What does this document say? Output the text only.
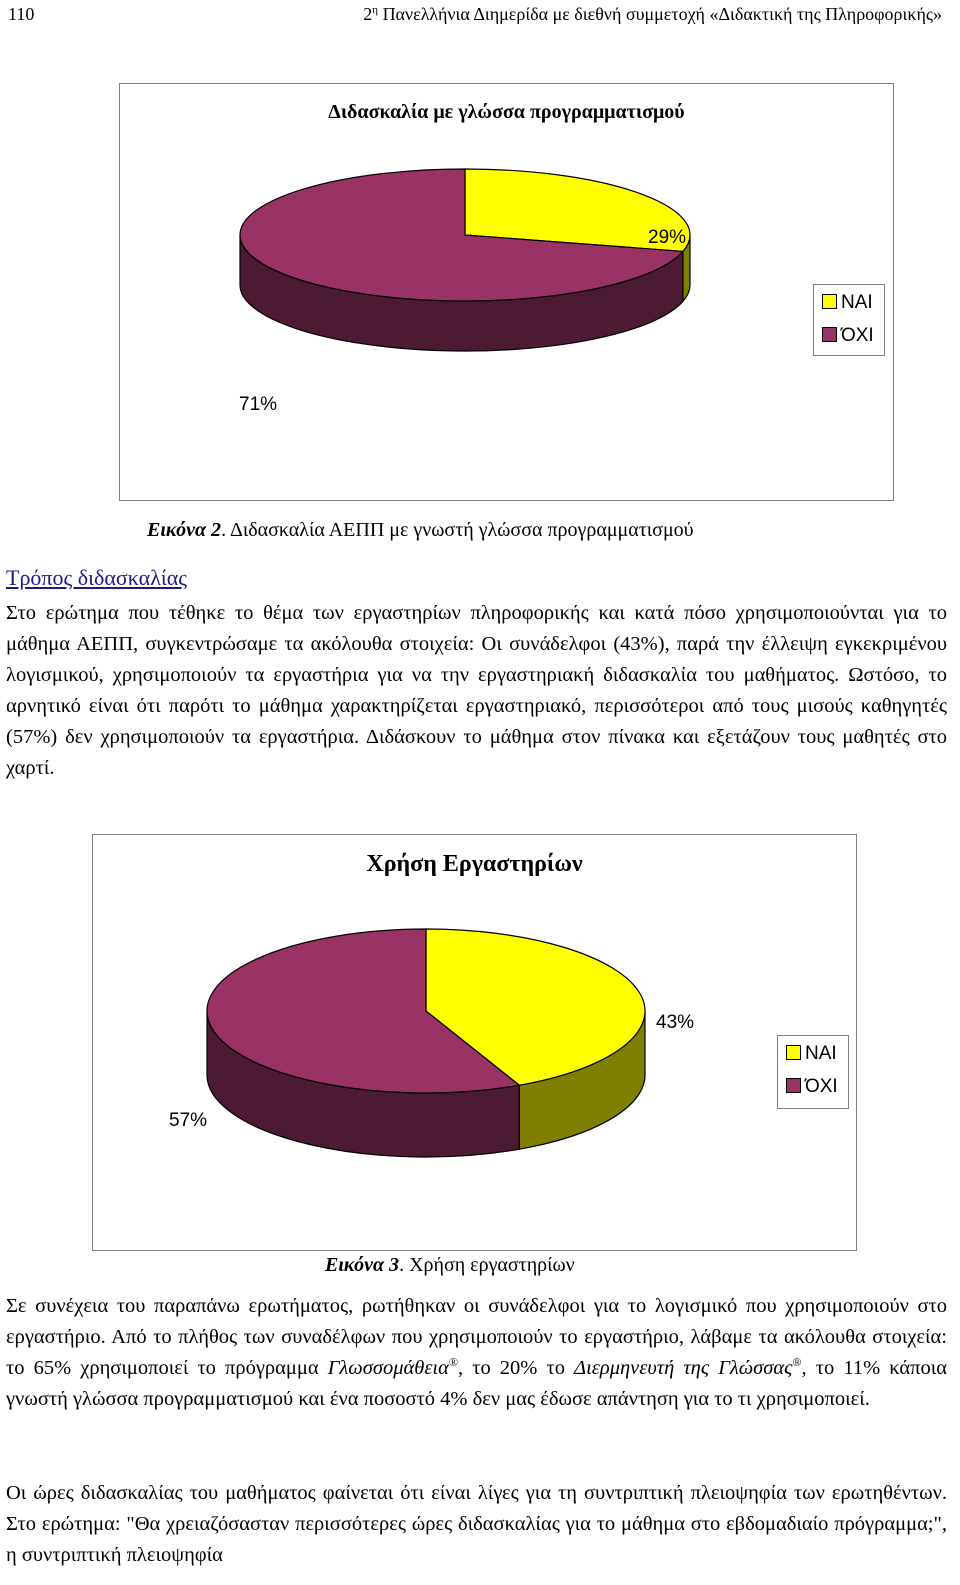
110	$2^\eta$ Πανελλήνια Διημερίδα με διεθνή συμμετοχή «Διδακτική της Πληροφορικής»
Διδασκαλία με γλώσσα προγραμματισμού
29%
71%
ΝΑΙ
ΌΧΙ
Εικόνα 2. Διδασκαλία ΑΕΠΠ με γνωστή γλώσσα προγραμματισμού
Τρόπος διδασκαλίας
Στο ερώτημα που τέθηκε το θέμα των εργαστηρίων πληροφορικής και κατά πόσο χρησιμοποιούνται για το μάθημα ΑΕΠΠ, συγκεντρώσαμε τα ακόλουθα στοιχεία: Οι συνάδελφοι (43%), παρά την έλλειψη εγκεκριμένου λογισμικού, χρησιμοποιούν τα εργαστήρια για να την εργαστηριακή διδασκαλία του μαθήματος. Ωστόσο, το αρνητικό είναι ότι παρότι το μάθημα χαρακτηρίζεται εργαστηριακό, περισσότεροι από τους μισούς καθηγητές (57%) δεν χρησιμοποιούν τα εργαστήρια. Διδάσκουν το μάθημα στον πίνακα και εξετάζουν τους μαθητές στο χαρτί.
Χρήση Εργαστηρίων
43%
57%
ΝΑΙ
ΌΧΙ
Εικόνα 3. Χρήση εργαστηρίων
Σε συνέχεια του παραπάνω ερωτήματος, ρωτήθηκαν οι συνάδελφοι για το λογισμικό που χρησιμοποιούν στο εργαστήριο. Από το πλήθος των συναδέλφων που χρησιμοποιούν το εργαστήριο, λάβαμε τα ακόλουθα στοιχεία: το 65% χρησιμοποιεί το πρόγραμμα Γλωσσομάθεια®, το 20% το Διερμηνευτή της Γλώσσας®, το 11% κάποια γνωστή γλώσσα προγραμματισμού και ένα ποσοστό 4% δεν μας έδωσε απάντηση για το τι χρησιμοποιεί.
Οι ώρες διδασκαλίας του μαθήματος φαίνεται ότι είναι λίγες για τη συντριπτική πλειοψηφία των ερωτηθέντων. Στο ερώτημα: "Θα χρειαζόσασταν περισσότερες ώρες διδασκαλίας για το μάθημα στο εβδομαδιαίο πρόγραμμα;", η συντριπτική πλειοψηφία
